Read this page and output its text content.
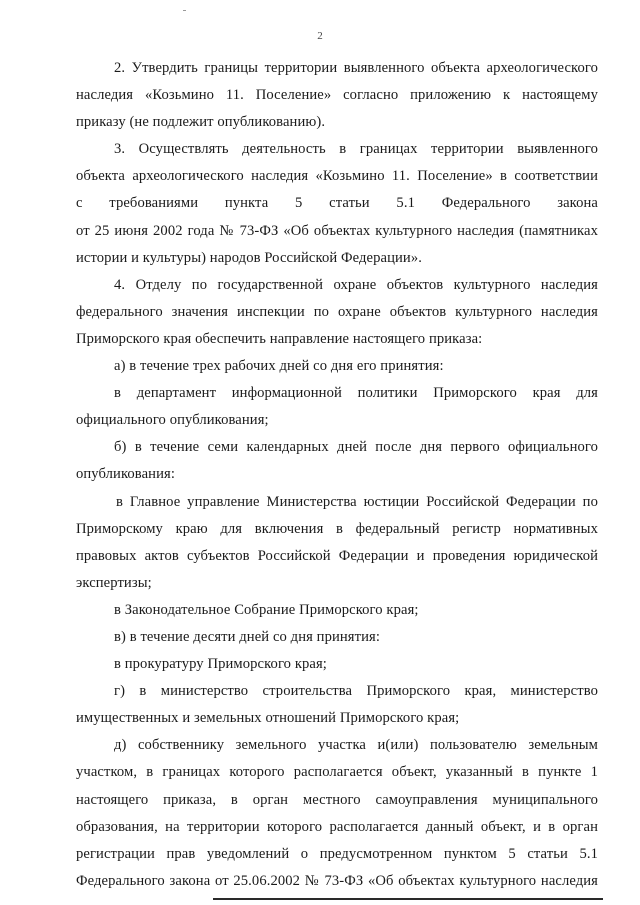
2
2. Утвердить границы территории выявленного объекта археологического
наследия «Козьмино 11. Поселение» согласно приложению к настоящему
приказу (не подлежит опубликованию).
3. Осуществлять деятельность в границах территории выявленного
объекта археологического наследия «Козьмино 11. Поселение» в соответствии
с требованиями пункта 5 статьи 5.1 Федерального закона
от 25 июня 2002 года № 73-ФЗ «Об объектах культурного наследия (памятниках
истории и культуры) народов Российской Федерации».
4. Отделу по государственной охране объектов культурного наследия
федерального значения инспекции по охране объектов культурного наследия
Приморского края обеспечить направление настоящего приказа:
а) в течение трех рабочих дней со дня его принятия:
в департамент информационной политики Приморского края для
официального опубликования;
б) в течение семи календарных дней после дня первого официального
опубликования:
в Главное управление Министерства юстиции Российской Федерации по
Приморскому краю для включения в федеральный регистр нормативных
правовых актов субъектов Российской Федерации и проведения юридической
экспертизы;
в Законодательное Собрание Приморского края;
в) в течение десяти дней со дня принятия:
в прокуратуру Приморского края;
г) в министерство строительства Приморского края, министерство
имущественных и земельных отношений Приморского края;
д) собственнику земельного участка и(или) пользователю земельным
участком, в границах которого располагается объект, указанный в пункте 1
настоящего приказа, в орган местного самоуправления муниципального
образования, на территории которого располагается данный объект, и в орган
регистрации прав уведомлений о предусмотренном пунктом 5 статьи 5.1
Федерального закона от 25.06.2002 № 73-ФЗ «Об объектах культурного наследия
